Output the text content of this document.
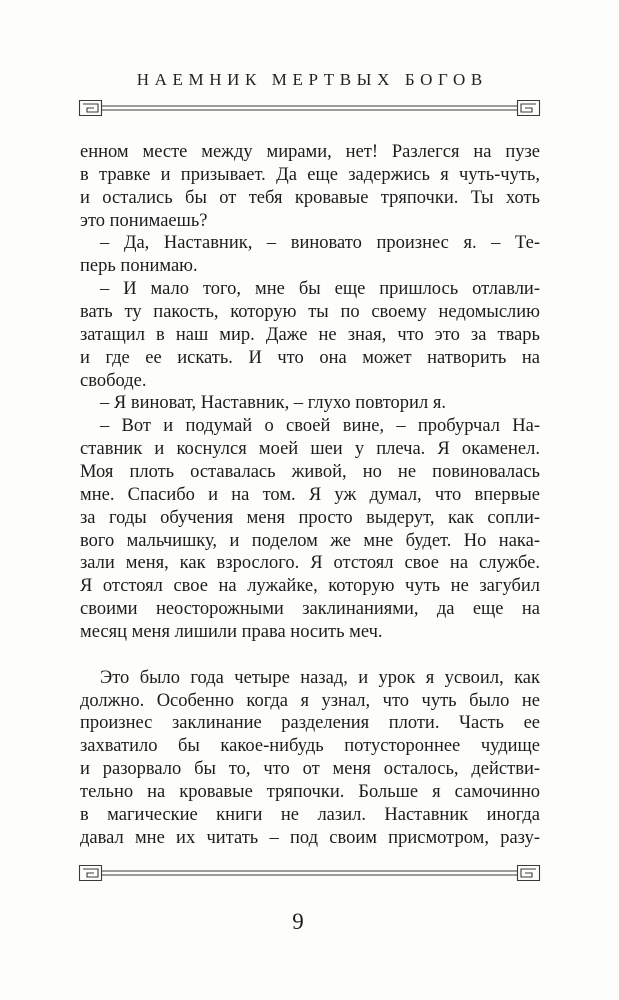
НАЕМНИК МЕРТВЫХ БОГОВ
енном месте между мирами, нет! Разлегся на пузе
в травке и призывает. Да еще задержись я чуть-чуть,
и остались бы от тебя кровавые тряпочки. Ты хоть
это понимаешь?
– Да, Наставник, – виновато произнес я. – Те-
перь понимаю.
– И мало того, мне бы еще пришлось отлавли-
вать ту пакость, которую ты по своему недомыслию
затащил в наш мир. Даже не зная, что это за тварь
и где ее искать. И что она может натворить на
свободе.
– Я виноват, Наставник, – глухо повторил я.
– Вот и подумай о своей вине, – пробурчал На-
ставник и коснулся моей шеи у плеча. Я окаменел.
Моя плоть оставалась живой, но не повиновалась
мне. Спасибо и на том. Я уж думал, что впервые
за годы обучения меня просто выдерут, как сопли-
вого мальчишку, и поделом же мне будет. Но нака-
зали меня, как взрослого. Я отстоял свое на службе.
Я отстоял свое на лужайке, которую чуть не загубил
своими неосторожными заклинаниями, да еще на
месяц меня лишили права носить меч.
Это было года четыре назад, и урок я усвоил, как
должно. Особенно когда я узнал, что чуть было не
произнес заклинание разделения плоти. Часть ее
захватило бы какое-нибудь потустороннее чудище
и разорвало бы то, что от меня осталось, действи-
тельно на кровавые тряпочки. Больше я самочинно
в магические книги не лазил. Наставник иногда
давал мне их читать – под своим присмотром, разу-
9
